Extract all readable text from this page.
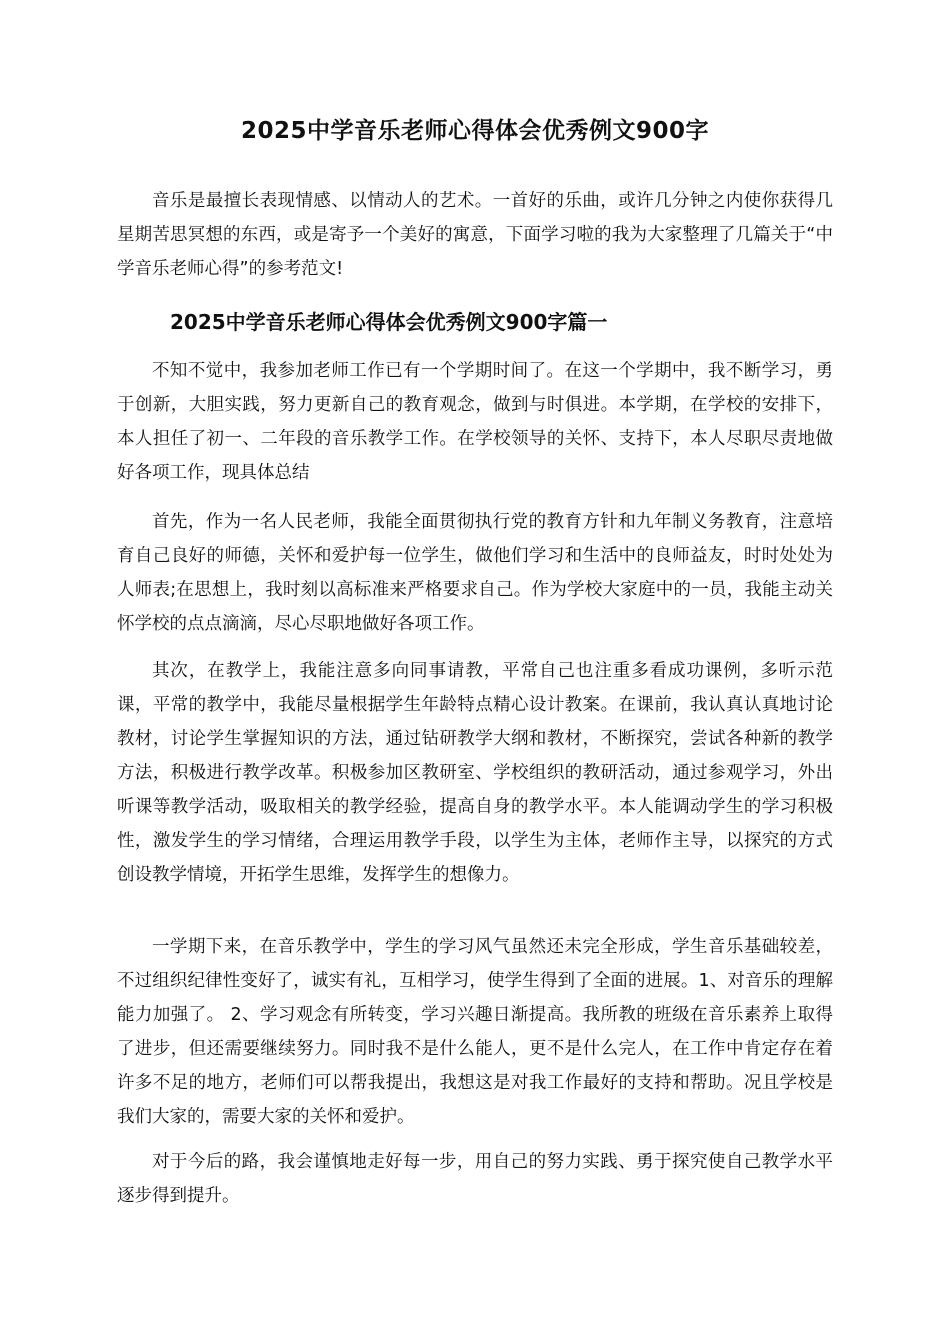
2025中学音乐老师心得体会优秀例文900字

音乐是最擅长表现情感、以情动人的艺术。一首好的乐曲，或许几分钟之内使你获得几星期苦思冥想的东西，或是寄予一个美好的寓意，下面学习啦的我为大家整理了几篇关于“中学音乐老师心得”的参考范文!

2025中学音乐老师心得体会优秀例文900字篇一

不知不觉中，我参加老师工作已有一个学期时间了。在这一个学期中，我不断学习，勇于创新，大胆实践，努力更新自己的教育观念，做到与时俱进。本学期，在学校的安排下，本人担任了初一、二年段的音乐教学工作。在学校领导的关怀、支持下，本人尽职尽责地做好各项工作，现具体总结

首先，作为一名人民老师，我能全面贯彻执行党的教育方针和九年制义务教育，注意培育自己良好的师德，关怀和爱护每一位学生，做他们学习和生活中的良师益友，时时处处为人师表;在思想上，我时刻以高标准来严格要求自己。作为学校大家庭中的一员，我能主动关怀学校的点点滴滴，尽心尽职地做好各项工作。

其次，在教学上，我能注意多向同事请教，平常自己也注重多看成功课例，多听示范课，平常的教学中，我能尽量根据学生年龄特点精心设计教案。在课前，我认真认真地讨论教材，讨论学生掌握知识的方法，通过钻研教学大纲和教材，不断探究，尝试各种新的教学方法，积极进行教学改革。积极参加区教研室、学校组织的教研活动，通过参观学习，外出听课等教学活动，吸取相关的教学经验，提高自身的教学水平。本人能调动学生的学习积极性，激发学生的学习情绪，合理运用教学手段，以学生为主体，老师作主导，以探究的方式创设教学情境，开拓学生思维，发挥学生的想像力。

一学期下来，在音乐教学中，学生的学习风气虽然还未完全形成，学生音乐基础较差，不过组织纪律性变好了，诚实有礼，互相学习，使学生得到了全面的进展。1、对音乐的理解能力加强了。 2、学习观念有所转变，学习兴趣日渐提高。我所教的班级在音乐素养上取得了进步，但还需要继续努力。同时我不是什么能人，更不是什么完人，在工作中肯定存在着许多不足的地方，老师们可以帮我提出，我想这是对我工作最好的支持和帮助。况且学校是我们大家的，需要大家的关怀和爱护。

对于今后的路，我会谨慎地走好每一步，用自己的努力实践、勇于探究使自己教学水平逐步得到提升。
